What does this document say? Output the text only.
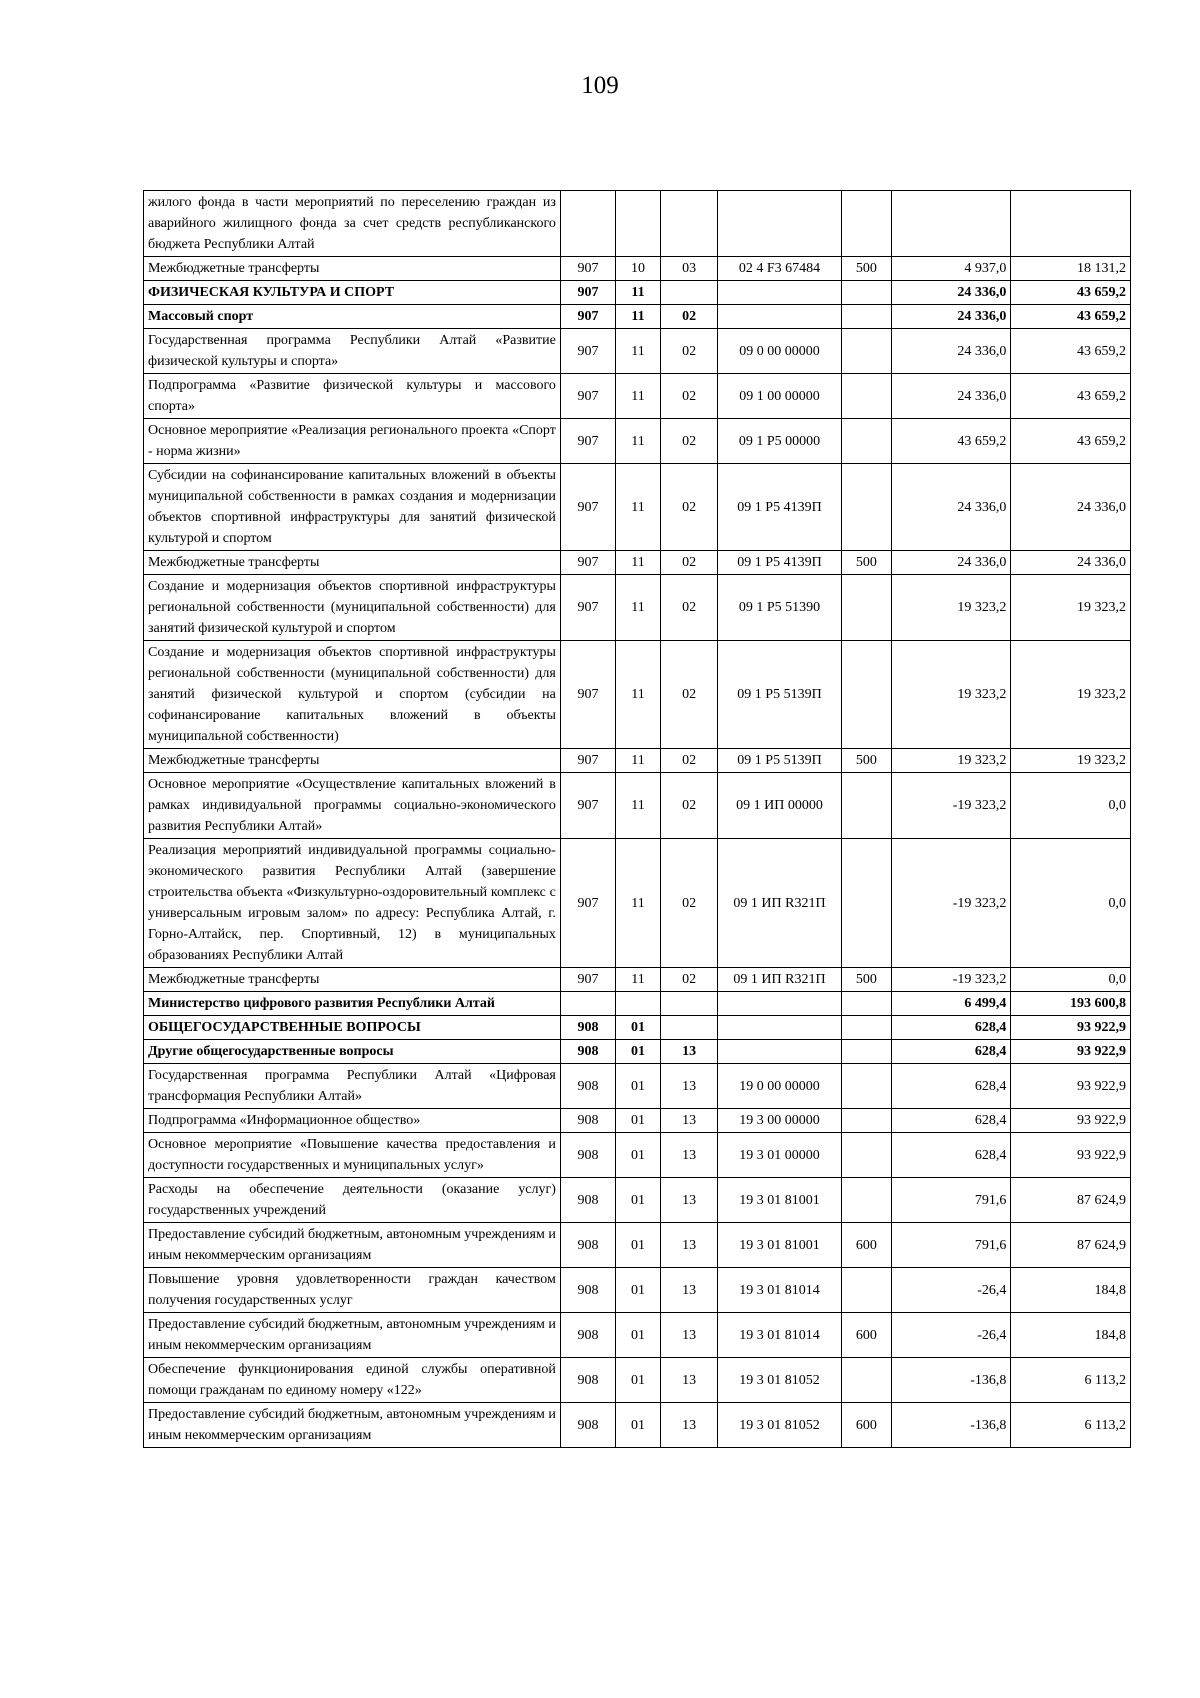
109
жилого фонда в части мероприятий по переселению граждан из аварийного жилищного фонда за счет средств республиканского бюджета Республики Алтай							
Межбюджетные трансферты	907	10	03	02 4 F3 67484	500	4 937,0	18 131,2
ФИЗИЧЕСКАЯ КУЛЬТУРА И СПОРТ	907	11				24 336,0	43 659,2
Массовый спорт	907	11	02			24 336,0	43 659,2
Государственная программа Республики Алтай «Развитие физической культуры и спорта»	907	11	02	09 0 00 00000		24 336,0	43 659,2
Подпрограмма «Развитие физической культуры и массового спорта»	907	11	02	09 1 00 00000		24 336,0	43 659,2
Основное мероприятие «Реализация регионального проекта «Спорт - норма жизни»	907	11	02	09 1 P5 00000		43 659,2	43 659,2
Субсидии на софинансирование капитальных вложений в объекты муниципальной собственности в рамках создания и модернизации объектов спортивной инфраструктуры для занятий физической культурой и спортом	907	11	02	09 1 P5 4139П		24 336,0	24 336,0
Межбюджетные трансферты	907	11	02	09 1 P5 4139П	500	24 336,0	24 336,0
Создание и модернизация объектов спортивной инфраструктуры региональной собственности (муниципальной собственности) для занятий физической культурой и спортом	907	11	02	09 1 P5 51390		19 323,2	19 323,2
Создание и модернизация объектов спортивной инфраструктуры региональной собственности (муниципальной собственности) для занятий физической культурой и спортом (субсидии на софинансирование капитальных вложений в объекты муниципальной собственности)	907	11	02	09 1 P5 5139П		19 323,2	19 323,2
Межбюджетные трансферты	907	11	02	09 1 P5 5139П	500	19 323,2	19 323,2
Основное мероприятие «Осуществление капитальных вложений в рамках индивидуальной программы социально-экономического развития Республики Алтай»	907	11	02	09 1 ИП 00000		-19 323,2	0,0
Реализация мероприятий индивидуальной программы социально-экономического развития Республики Алтай (завершение строительства объекта «Физкультурно-оздоровительный комплекс с универсальным игровым залом» по адресу: Республика Алтай, г. Горно-Алтайск, пер. Спортивный, 12) в муниципальных образованиях Республики Алтай	907	11	02	09 1 ИП R321П		-19 323,2	0,0
Межбюджетные трансферты	907	11	02	09 1 ИП R321П	500	-19 323,2	0,0
Министерство цифрового развития Республики Алтай						6 499,4	193 600,8
ОБЩЕГОСУДАРСТВЕННЫЕ ВОПРОСЫ	908	01				628,4	93 922,9
Другие общегосударственные вопросы	908	01	13			628,4	93 922,9
Государственная программа Республики Алтай «Цифровая трансформация Республики Алтай»	908	01	13	19 0 00 00000		628,4	93 922,9
Подпрограмма «Информационное общество»	908	01	13	19 3 00 00000		628,4	93 922,9
Основное мероприятие «Повышение качества предоставления и доступности государственных и муниципальных услуг»	908	01	13	19 3 01 00000		628,4	93 922,9
Расходы на обеспечение деятельности (оказание услуг) государственных учреждений	908	01	13	19 3 01 81001		791,6	87 624,9
Предоставление субсидий бюджетным, автономным учреждениям и иным некоммерческим организациям	908	01	13	19 3 01 81001	600	791,6	87 624,9
Повышение уровня удовлетворенности граждан качеством получения государственных услуг	908	01	13	19 3 01 81014		-26,4	184,8
Предоставление субсидий бюджетным, автономным учреждениям и иным некоммерческим организациям	908	01	13	19 3 01 81014	600	-26,4	184,8
Обеспечение функционирования единой службы оперативной помощи гражданам по единому номеру «122»	908	01	13	19 3 01 81052		-136,8	6 113,2
Предоставление субсидий бюджетным, автономным учреждениям и иным некоммерческим организациям	908	01	13	19 3 01 81052	600	-136,8	6 113,2
